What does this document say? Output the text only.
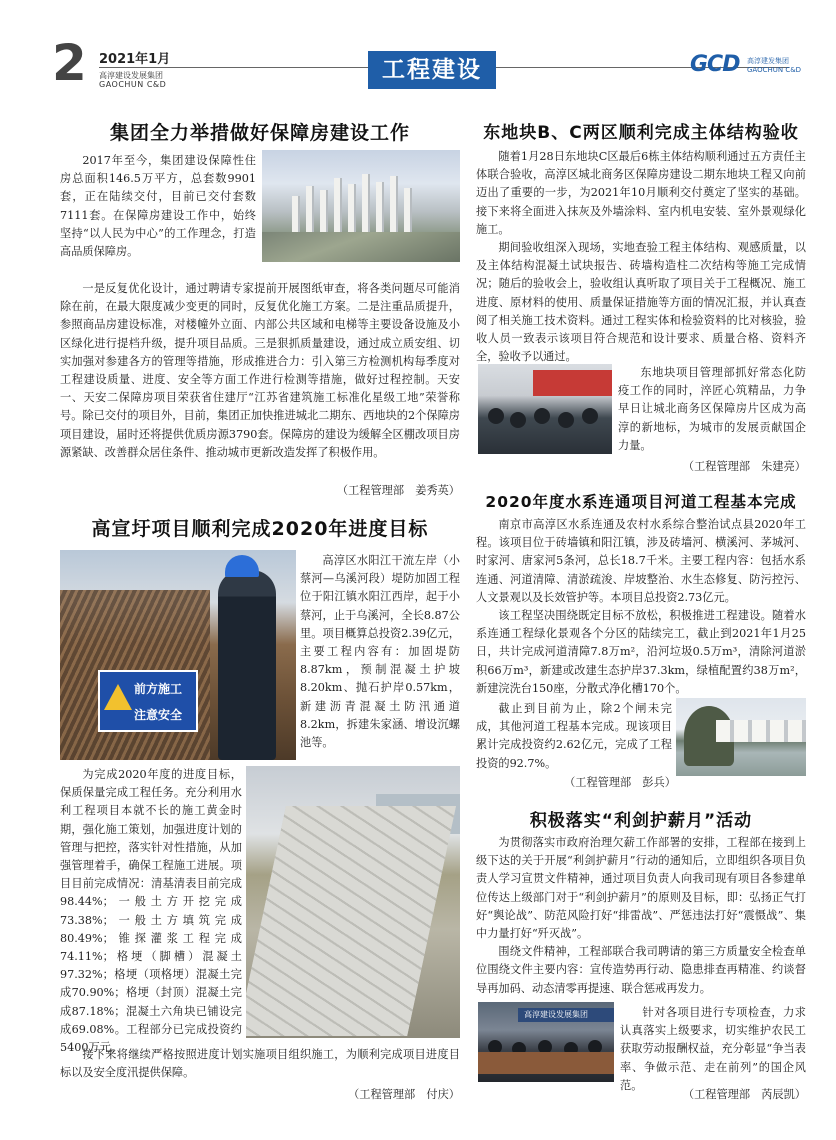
2 2021年1月
高淳建设发展集团
GAOCHUN C&D
工程建设	GCD 高淳建发集团
GAOCHUN C&D
集团全力举措做好保障房建设工作

2017年至今，集团建设保障性住房总面积146.5万平方，总套数9901套，正在陆续交付，目前已交付套数7111套。在保障房建设工作中，始终坚持“以人民为中心”的工作理念，打造高品质保障房。

一是反复优化设计，通过聘请专家提前开展图纸审查，将各类问题尽可能消除在前，在最大限度减少变更的同时，反复优化施工方案。二是注重品质提升，参照商品房建设标准，对楼幢外立面、内部公共区域和电梯等主要设备设施及小区绿化进行提档升级，提升项目品质。三是狠抓质量建设，通过成立质安组、切实加强对参建各方的管理等措施，形成推进合力：引入第三方检测机构每季度对工程建设质量、进度、安全等方面工作进行检测等措施，做好过程控制。天安一、天安二保障房项目荣获省住建厅“江苏省建筑施工标准化星级工地”荣誉称号。除已交付的项目外，目前，集团正加快推进城北二期东、西地块的2个保障房项目建设，届时还将提供优质房源3790套。保障房的建设为缓解全区棚改项目房源紧缺、改善群众居住条件、推动城市更新改造发挥了积极作用。

（工程管理部　姜秀英）
高宣圩项目顺利完成2020年进度目标
前方施工
注意安全

高淳区水阳江干流左岸（小蔡河—乌溪河段）堤防加固工程位于阳江镇水阳江西岸，起于小蔡河，止于乌溪河，全长8.87公里。项目概算总投资2.39亿元，主要工程内容有：加固堤防8.87km，预制混凝土护坡8.20km、抛石护岸0.57km，新建沥青混凝土防汛通道8.2km，拆建朱家涵、增设沉螺池等。

为完成2020年度的进度目标，保质保量完成工程任务。充分利用水利工程项目本就不长的施工黄金时期，强化施工策划，加强进度计划的管理与把控，落实针对性措施，从加强管理着手，确保工程施工进展。项目目前完成情况：清基清表目前完成98.44%；一般土方开挖完成73.38%；一般土方填筑完成80.49%；锥探灌浆工程完成74.11%；格埂（脚槽）混凝土97.32%；格埂（项格埂）混凝土完成70.90%；格埂（封顶）混凝土完成87.18%；混凝土六角块已铺设完成69.08%。工程部分已完成投资约5400万元。

接下来将继续严格按照进度计划实施项目组织施工，为顺利完成项目进度目标以及安全度汛提供保障。

（工程管理部　付庆）
东地块B、C两区顺利完成主体结构验收

随着1月28日东地块C区最后6栋主体结构顺利通过五方责任主体联合验收，高淳区城北商务区保障房建设二期东地块工程又向前迈出了重要的一步，为2021年10月顺利交付奠定了坚实的基础。接下来将全面进入抹灰及外墙涂料、室内机电安装、室外景观绿化施工。

期间验收组深入现场，实地查验工程主体结构、观感质量，以及主体结构混凝土试块报告、砖墙构造柱二次结构等施工完成情况；随后的验收会上，验收组认真听取了项目关于工程概况、施工进度、原材料的使用、质量保证措施等方面的情况汇报，并认真查阅了相关施工技术资料。通过工程实体和检验资料的比对核验，验收人员一致表示该项目符合规范和设计要求、质量合格、资料齐全，验收予以通过。

东地块项目管理部抓好常态化防疫工作的同时，淬匠心筑精品，力争早日让城北商务区保障房片区成为高淳的新地标，为城市的发展贡献国企力量。

（工程管理部　朱建亮）
2020年度水系连通项目河道工程基本完成

南京市高淳区水系连通及农村水系综合整治试点县2020年工程。该项目位于砖墙镇和阳江镇，涉及砖墙河、横溪河、茅城河、时家河、唐家河5条河，总长18.7千米。主要工程内容：包括水系连通、河道清障、清淤疏浚、岸坡整治、水生态修复、防污控污、人文景观以及长效管护等。本项目总投资2.73亿元。

该工程坚决围绕既定目标不放松，积极推进工程建设。随着水系连通工程绿化景观各个分区的陆续完工，截止到2021年1月25日，共计完成河道清障7.8万m²，沿河垃圾0.5万m³，清除河道淤积66万m³，新建或改建生态护岸37.3km，绿植配置约38万m²，新建浣洗台150座，分散式净化槽170个。

截止到目前为止，除2个闸未完成，其他河道工程基本完成。现该项目累计完成投资约2.62亿元，完成了工程投资的92.7%。

（工程管理部　彭兵）
积极落实“利剑护薪月”活动

为贯彻落实市政府治理欠薪工作部署的安排，工程部在接到上级下达的关于开展“利剑护薪月”行动的通知后，立即组织各项目负责人学习宣贯文件精神，通过项目负责人向我司现有项目各参建单位传达上级部门对于“利剑护薪月”的原则及目标，即：弘扬正气打好“舆论战”、防范风险打好“排雷战”、严惩违法打好“震慑战”、集中力量打好“歼灭战”。

围绕文件精神，工程部联合我司聘请的第三方质量安全检查单位围绕文件主要内容：宣传造势再行动、隐患排查再精准、约谈督导再加码、动态清零再提速、联合惩戒再发力。

高淳建设发展集团	针对各项目进行专项检查，力求认真落实上级要求，切实维护农民工获取劳动报酬权益，充分彰显“争当表率、争做示范、走在前列”的国企风范。

（工程管理部　芮辰凯）
